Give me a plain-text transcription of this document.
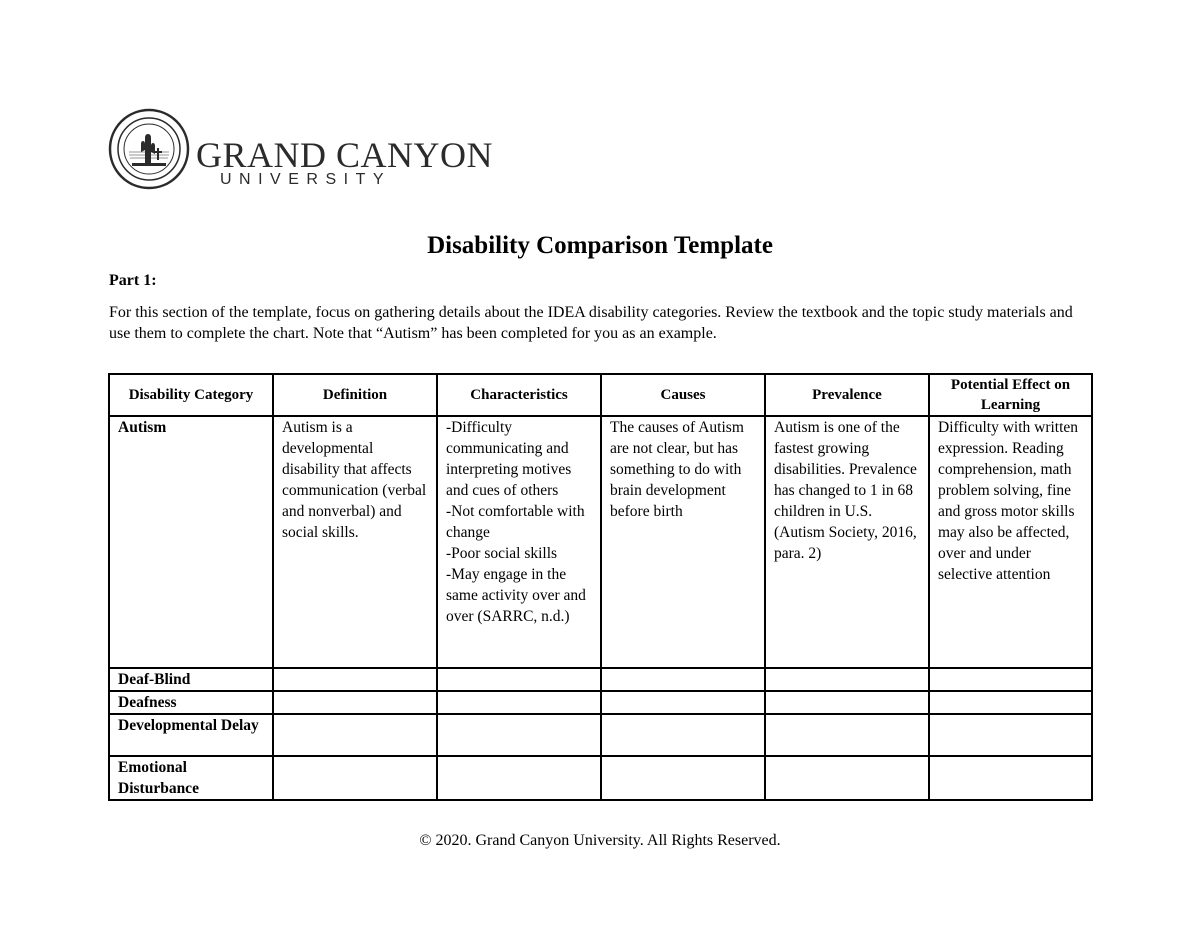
GRAND CANYON
UNIVERSITY
Disability Comparison Template
Part 1:
For this section of the template, focus on gathering details about the IDEA disability categories. Review the textbook and the topic study materials and use them to complete the chart. Note that “Autism” has been completed for you as an example.
Disability Category	Definition	Characteristics	Causes	Prevalence	Potential Effect on Learning
Autism	Autism is a developmental disability that affects communication (verbal and nonverbal) and social skills.	-Difficulty communicating and interpreting motives and cues of others
-Not comfortable with change
-Poor social skills
-May engage in the same activity over and over (SARRC, n.d.)	The causes of Autism are not clear, but has something to do with brain development before birth	Autism is one of the fastest growing disabilities. Prevalence has changed to 1 in 68 children in U.S. (Autism Society, 2016, para. 2)	Difficulty with written expression. Reading comprehension, math problem solving, fine and gross motor skills may also be affected, over and under selective attention
Deaf-Blind					
Deafness					
Developmental Delay					
Emotional Disturbance					
© 2020. Grand Canyon University. All Rights Reserved.
